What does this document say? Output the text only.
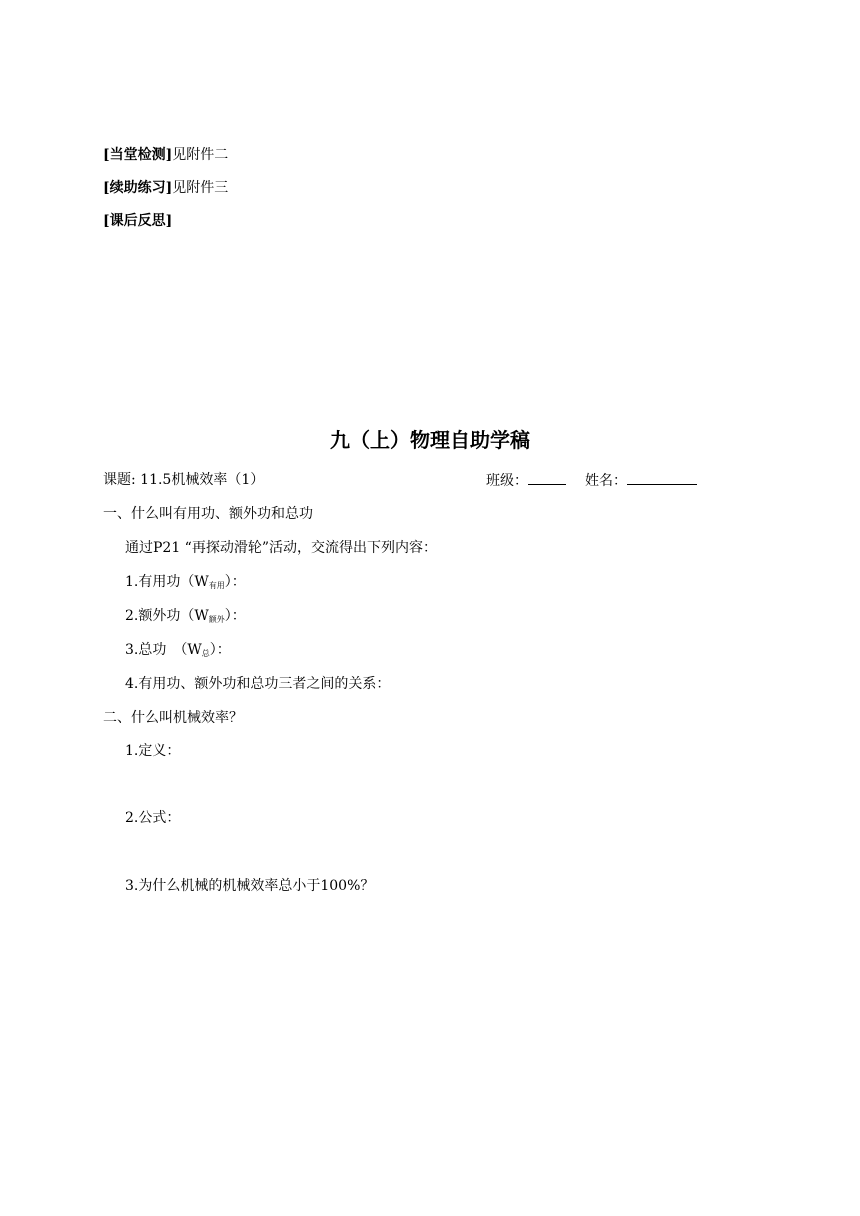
[当堂检测]见附件二
[续助练习]见附件三
[课后反思]
九（上）物理自助学稿
课题: 11.5机械效率（1）	班级：	姓名：
一、什么叫有用功、额外功和总功
通过P21 “再探动滑轮”活动，交流得出下列内容：
1.有用功$(W_{有用})$：
2.额外功$(W_{额外})$：
3.总功　$(W_总)$：
4.有用功、额外功和总功三者之间的关系：
二、什么叫机械效率？
1.定义：
2.公式：
3.为什么机械的机械效率总小于100%？
